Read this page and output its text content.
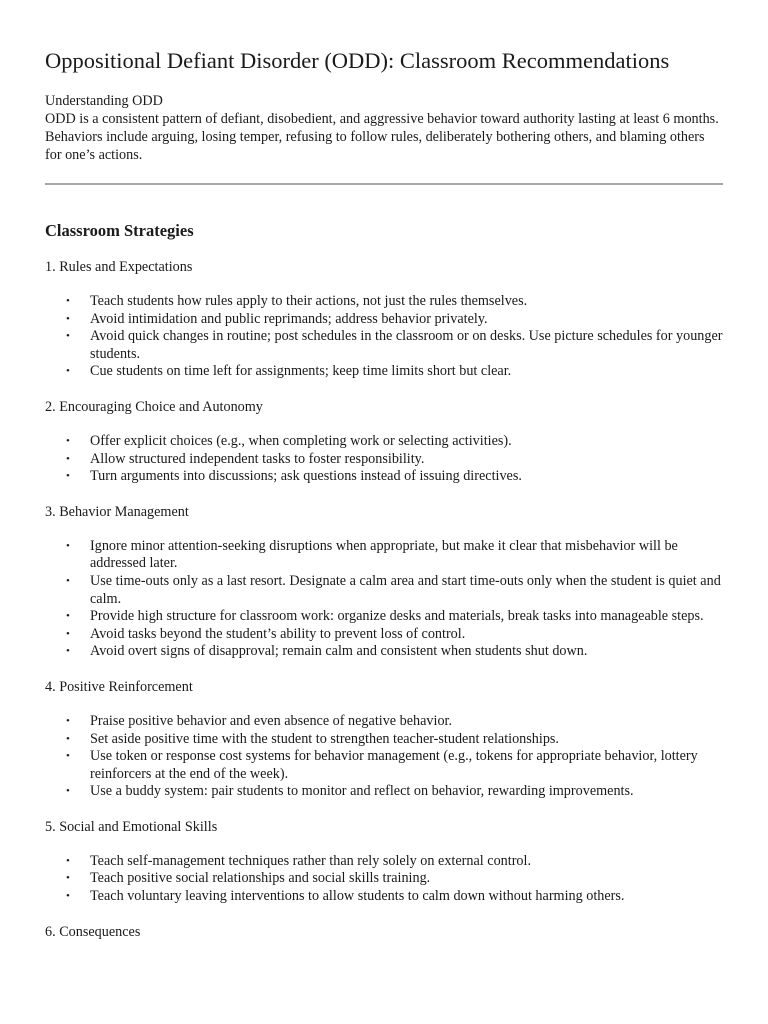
Oppositional Defiant Disorder (ODD): Classroom Recommendations
Understanding ODD
ODD is a consistent pattern of defiant, disobedient, and aggressive behavior toward authority lasting at least 6 months. Behaviors include arguing, losing temper, refusing to follow rules, deliberately bothering others, and blaming others for one’s actions.
Classroom Strategies

1. Rules and Expectations

• Teach students how rules apply to their actions, not just the rules themselves.
• Avoid intimidation and public reprimands; address behavior privately.
• Avoid quick changes in routine; post schedules in the classroom or on desks. Use picture schedules for younger students.
• Cue students on time left for assignments; keep time limits short but clear.

2. Encouraging Choice and Autonomy

• Offer explicit choices (e.g., when completing work or selecting activities).
• Allow structured independent tasks to foster responsibility.
• Turn arguments into discussions; ask questions instead of issuing directives.

3. Behavior Management

• Ignore minor attention-seeking disruptions when appropriate, but make it clear that misbehavior will be addressed later.
• Use time-outs only as a last resort. Designate a calm area and start time-outs only when the student is quiet and calm.
• Provide high structure for classroom work: organize desks and materials, break tasks into manageable steps.
• Avoid tasks beyond the student’s ability to prevent loss of control.
• Avoid overt signs of disapproval; remain calm and consistent when students shut down.

4. Positive Reinforcement

• Praise positive behavior and even absence of negative behavior.
• Set aside positive time with the student to strengthen teacher-student relationships.
• Use token or response cost systems for behavior management (e.g., tokens for appropriate behavior, lottery reinforcers at the end of the week).
• Use a buddy system: pair students to monitor and reflect on behavior, rewarding improvements.

5. Social and Emotional Skills

• Teach self-management techniques rather than rely solely on external control.
• Teach positive social relationships and social skills training.
• Teach voluntary leaving interventions to allow students to calm down without harming others.

6. Consequences
